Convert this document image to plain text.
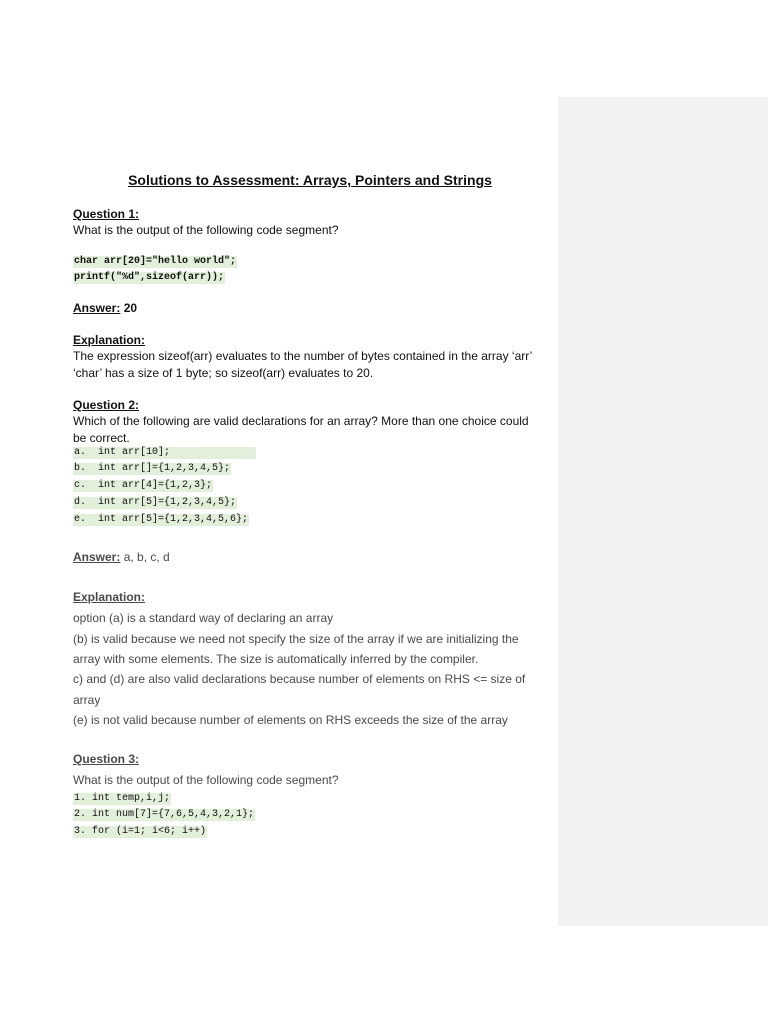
Solutions to Assessment: Arrays, Pointers and Strings
Question 1:
What is the output of the following code segment?
char arr[20]="hello world";
printf("%d",sizeof(arr));
Answer: 20
Explanation:

The expression sizeof(arr) evaluates to the number of bytes contained in the array ‘arr’ ‘char’ has a size of 1 byte; so sizeof(arr) evaluates to 20.

Question 2:

Which of the following are valid declarations for an array? More than one choice could be correct.

a.  int arr[10];
b.  int arr[]={1,2,3,4,5};
c.  int arr[4]={1,2,3};
d.  int arr[5]={1,2,3,4,5};
e.  int arr[5]={1,2,3,4,5,6};
Answer: a, b, c, d
Explanation:
option (a) is a standard way of declaring an array
(b) is valid because we need not specify the size of the array if we are initializing the
array with some elements. The size is automatically inferred by the compiler.
c) and (d) are also valid declarations because number of elements on RHS <= size of
array
(e) is not valid because number of elements on RHS exceeds the size of the array
Question 3:
What is the output of the following code segment?
1. int temp,i,j;
2. int num[7]={7,6,5,4,3,2,1};
3. for (i=1; i<6; i++)
